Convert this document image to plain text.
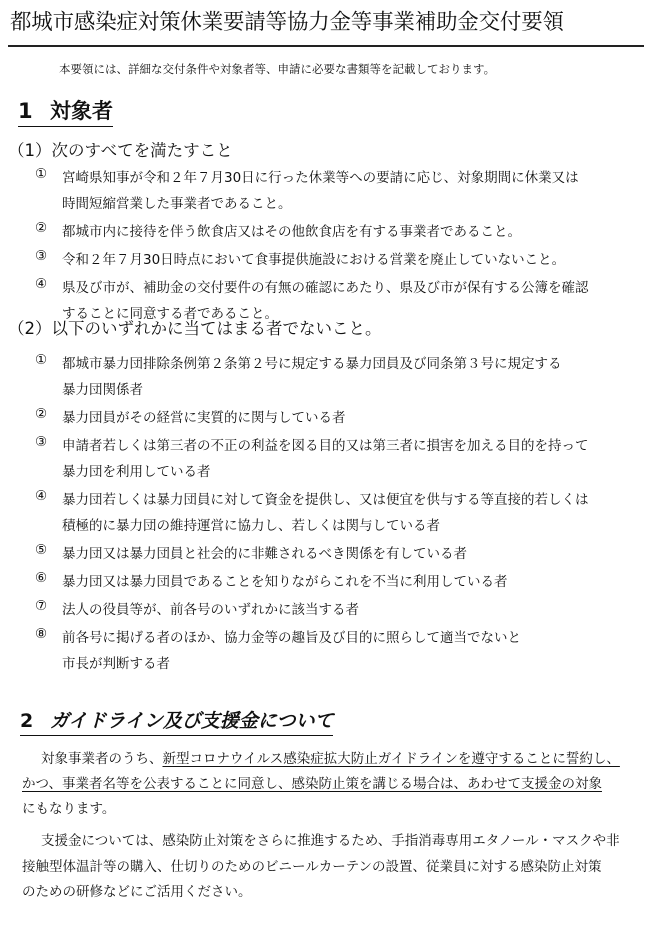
都城市感染症対策休業要請等協力金等事業補助金交付要領
本要領には、詳細な交付条件や対象者等、申請に必要な書類等を記載しております。
1 対象者
（1）次のすべてを満たすこと
（2）以下のいずれかに当てはまる者でないこと。
① 宮崎県知事が令和２年７月30日に行った休業等への要請に応じ、対象期間に休業又は
時間短縮営業した事業者であること。
② 都城市内に接待を伴う飲食店又はその他飲食店を有する事業者であること。
③ 令和２年７月30日時点において食事提供施設における営業を廃止していないこと。
④ 県及び市が、補助金の交付要件の有無の確認にあたり、県及び市が保有する公簿を確認
することに同意する者であること。
① 都城市暴力団排除条例第２条第２号に規定する暴力団員及び同条第３号に規定する
暴力団関係者
② 暴力団員がその経営に実質的に関与している者
③ 申請者若しくは第三者の不正の利益を図る目的又は第三者に損害を加える目的を持って
暴力団を利用している者
④ 暴力団若しくは暴力団員に対して資金を提供し、又は便宜を供与する等直接的若しくは
積極的に暴力団の維持運営に協力し、若しくは関与している者
⑤ 暴力団又は暴力団員と社会的に非難されるべき関係を有している者
⑥ 暴力団又は暴力団員であることを知りながらこれを不当に利用している者
⑦ 法人の役員等が、前各号のいずれかに該当する者
⑧ 前各号に掲げる者のほか、協力金等の趣旨及び目的に照らして適当でないと
市長が判断する者
2 ガイドライン及び支援金について
対象事業者のうち、新型コロナウイルス感染症拡大防止ガイドラインを遵守することに誓約し、
かつ、事業者名等を公表することに同意し、感染防止策を講じる場合は、あわせて支援金の対象
にもなります。
支援金については、感染防止対策をさらに推進するため、手指消毒専用エタノール・マスクや非
接触型体温計等の購入、仕切りのためのビニールカーテンの設置、従業員に対する感染防止対策
のための研修などにご活用ください。
